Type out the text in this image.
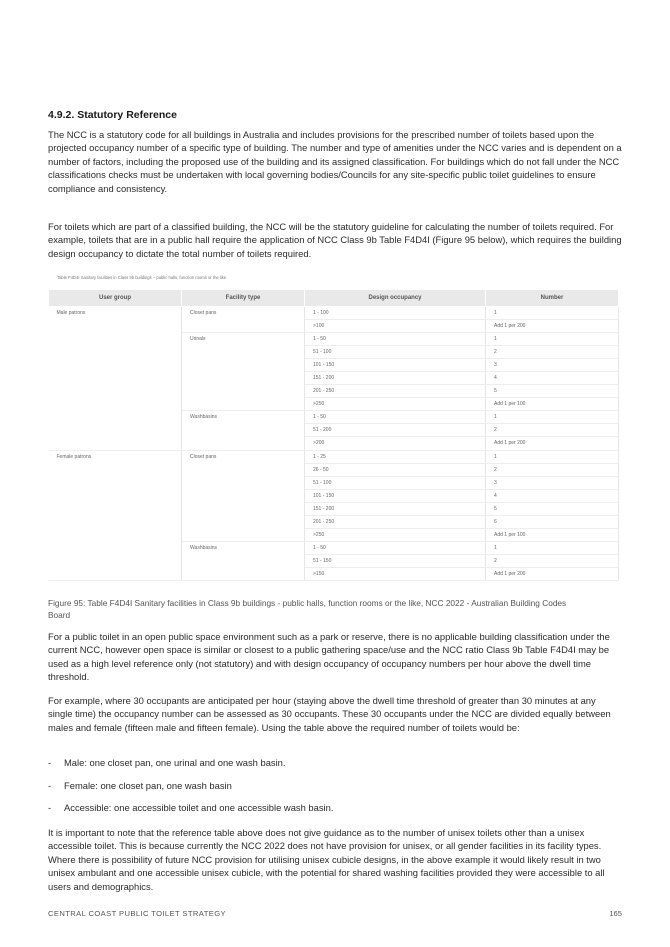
4.9.2. Statutory Reference

The NCC is a statutory code for all buildings in Australia and includes provisions for the prescribed number of toilets based upon the projected occupancy number of a specific type of building. The number and type of amenities under the NCC varies and is dependent on a number of factors, including the proposed use of the building and its assigned classification. For buildings which do not fall under the NCC classifications checks must be undertaken with local governing bodies/Councils for any site-specific public toilet guidelines to ensure compliance and consistency.

For toilets which are part of a classified building, the NCC will be the statutory guideline for calculating the number of toilets required. For example, toilets that are in a public hall require the application of NCC Class 9b Table F4D4I (Figure 95 below), which requires the building design occupancy to dictate the total number of toilets required.

Table F4D4I Sanitary facilities in Class 9b buildings – public halls, function rooms or the like
User group	Facility type	Design occupancy	Number
Male patrons	Closet pans	1 - 100	1
		>100	Add 1 per 200
	Urinals	1 - 50	1
		51 - 100	2
		101 - 150	3
		151 - 200	4
		201 - 250	5
		>250	Add 1 per 100
	Washbasins	1 - 50	1
		51 - 200	2
		>200	Add 1 per 200
Female patrons	Closet pans	1 - 25	1
		26 - 50	2
		51 - 100	3
		101 - 150	4
		151 - 200	5
		201 - 250	6
		>250	Add 1 per 100
	Washbasins	1 - 50	1
		51 - 150	2
		>150	Add 1 per 200

Figure 95: Table F4D4I Sanitary facilities in Class 9b buildings - public halls, function rooms or the like, NCC 2022 - Australian Building Codes Board

For a public toilet in an open public space environment such as a park or reserve, there is no applicable building classification under the current NCC, however open space is similar or closest to a public gathering space/use and the NCC ratio Class 9b Table F4D4I may be used as a high level reference only (not statutory) and with design occupancy of occupancy numbers per hour above the dwell time threshold.

For example, where 30 occupants are anticipated per hour (staying above the dwell time threshold of greater than 30 minutes at any single time) the occupancy number can be assessed as 30 occupants. These 30 occupants under the NCC are divided equally between males and female (fifteen male and fifteen female). Using the table above the required number of toilets would be:

-	Male: one closet pan, one urinal and one wash basin.
-	Female: one closet pan, one wash basin
-	Accessible: one accessible toilet and one accessible wash basin.

It is important to note that the reference table above does not give guidance as to the number of unisex toilets other than a unisex accessible toilet. This is because currently the NCC 2022 does not have provision for unisex, or all gender facilities in its facility types. Where there is possibility of future NCC provision for utilising unisex cubicle designs, in the above example it would likely result in two unisex ambulant and one accessible unisex cubicle, with the potential for shared washing facilities provided they were accessible to all users and demographics.

CENTRAL COAST PUBLIC TOILET STRATEGY	165
